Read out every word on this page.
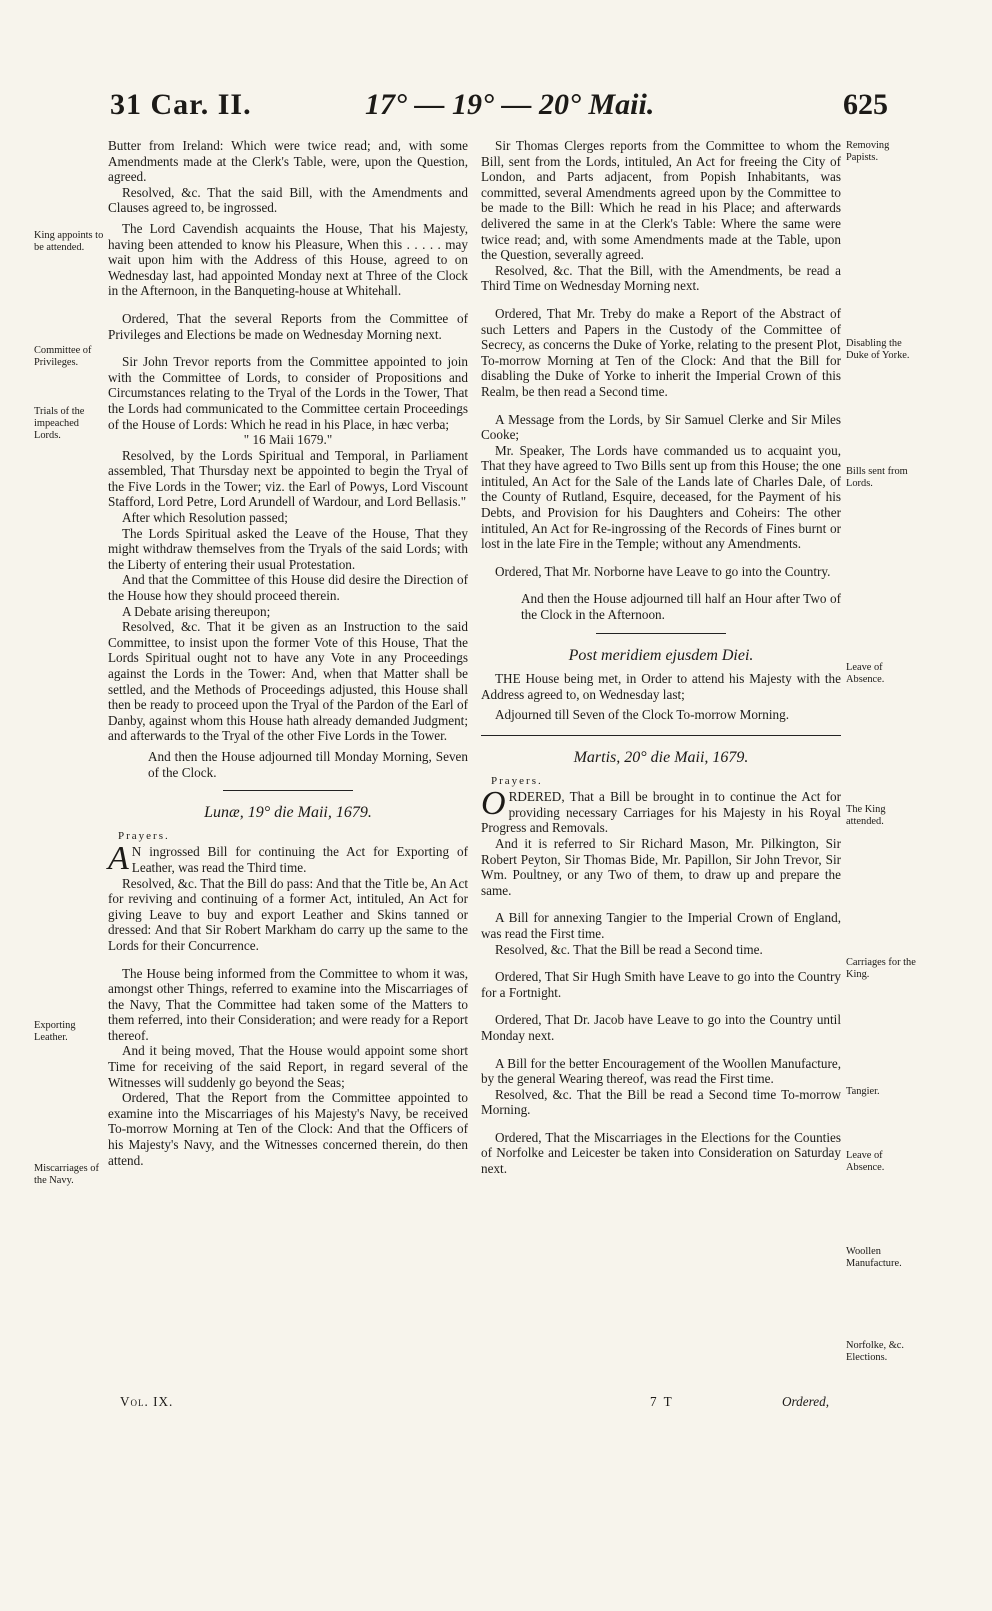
31 Car. II.	17° — 19° — 20° Maii.	625

Butter from Ireland: Which were twice read; and, with some Amendments made at the Clerk's Table, were, upon the Question, agreed.

Resolved, &c. That the said Bill, with the Amendments and Clauses agreed to, be ingrossed.

The Lord Cavendish acquaints the House, That his Majesty, having been attended to know his Pleasure, When this . . . . . may wait upon him with the Address of this House, agreed to on Wednesday last, had appointed Monday next at Three of the Clock in the Afternoon, in the Banqueting-house at Whitehall.

Ordered, That the several Reports from the Committee of Privileges and Elections be made on Wednesday Morning next.

Sir John Trevor reports from the Committee appointed to join with the Committee of Lords, to consider of Propositions and Circumstances relating to the Tryal of the Lords in the Tower, That the Lords had communicated to the Committee certain Proceedings of the House of Lords: Which he read in his Place, in hæc verba;

" 16 Maii 1679."

Resolved, by the Lords Spiritual and Temporal, in Parliament assembled, That Thursday next be appointed to begin the Tryal of the Five Lords in the Tower; viz. the Earl of Powys, Lord Viscount Stafford, Lord Petre, Lord Arundell of Wardour, and Lord Bellasis."

After which Resolution passed;

The Lords Spiritual asked the Leave of the House, That they might withdraw themselves from the Tryals of the said Lords; with the Liberty of entering their usual Protestation.

And that the Committee of this House did desire the Direction of the House how they should proceed therein.

A Debate arising thereupon;

Resolved, &c. That it be given as an Instruction to the said Committee, to insist upon the former Vote of this House, That the Lords Spiritual ought not to have any Vote in any Proceedings against the Lords in the Tower: And, when that Matter shall be settled, and the Methods of Proceedings adjusted, this House shall then be ready to proceed upon the Tryal of the Pardon of the Earl of Danby, against whom this House hath already demanded Judgment; and afterwards to the Tryal of the other Five Lords in the Tower.

And then the House adjourned till Monday Morning, Seven of the Clock.

Lunæ, 19° die Maii, 1679.

Prayers.

A N ingrossed Bill for continuing the Act for Exporting of Leather, was read the Third time.

Resolved, &c. That the Bill do pass: And that the Title be, An Act for reviving and continuing of a former Act, intituled, An Act for giving Leave to buy and export Leather and Skins tanned or dressed: And that Sir Robert Markham do carry up the same to the Lords for their Concurrence.

The House being informed from the Committee to whom it was, amongst other Things, referred to examine into the Miscarriages of the Navy, That the Committee had taken some of the Matters to them referred, into their Consideration; and were ready for a Report thereof.

And it being moved, That the House would appoint some short Time for receiving of the said Report, in regard several of the Witnesses will suddenly go beyond the Seas;

Ordered, That the Report from the Committee appointed to examine into the Miscarriages of his Majesty's Navy, be received To-morrow Morning at Ten of the Clock: And that the Officers of his Majesty's Navy, and the Witnesses concerned therein, do then attend.

Sir Thomas Clerges reports from the Committee to whom the Bill, sent from the Lords, intituled, An Act for freeing the City of London, and Parts adjacent, from Popish Inhabitants, was committed, several Amendments agreed upon by the Committee to be made to the Bill: Which he read in his Place; and afterwards delivered the same in at the Clerk's Table: Where the same were twice read; and, with some Amendments made at the Table, upon the Question, severally agreed.

Resolved, &c. That the Bill, with the Amendments, be read a Third Time on Wednesday Morning next.

Ordered, That Mr. Treby do make a Report of the Abstract of such Letters and Papers in the Custody of the Committee of Secrecy, as concerns the Duke of Yorke, relating to the present Plot, To-morrow Morning at Ten of the Clock: And that the Bill for disabling the Duke of Yorke to inherit the Imperial Crown of this Realm, be then read a Second time.

A Message from the Lords, by Sir Samuel Clerke and Sir Miles Cooke;

Mr. Speaker, The Lords have commanded us to acquaint you, That they have agreed to Two Bills sent up from this House; the one intituled, An Act for the Sale of the Lands late of Charles Dale, of the County of Rutland, Esquire, deceased, for the Payment of his Debts, and Provision for his Daughters and Coheirs: The other intituled, An Act for Re-ingrossing of the Records of Fines burnt or lost in the late Fire in the Temple; without any Amendments.

Ordered, That Mr. Norborne have Leave to go into the Country.

And then the House adjourned till half an Hour after Two of the Clock in the Afternoon.

Post meridiem ejusdem Diei.

THE House being met, in Order to attend his Majesty with the Address agreed to, on Wednesday last;

Adjourned till Seven of the Clock To-morrow Morning.

Martis, 20° die Maii, 1679.

Prayers.

ORDERED, That a Bill be brought in to continue the Act for providing necessary Carriages for his Majesty in his Royal Progress and Removals.

And it is referred to Sir Richard Mason, Mr. Pilkington, Sir Robert Peyton, Sir Thomas Bide, Mr. Papillon, Sir John Trevor, Sir Wm. Poultney, or any Two of them, to draw up and prepare the same.

A Bill for annexing Tangier to the Imperial Crown of England, was read the First time.

Resolved, &c. That the Bill be read a Second time.

Ordered, That Sir Hugh Smith have Leave to go into the Country for a Fortnight.

Ordered, That Dr. Jacob have Leave to go into the Country until Monday next.

A Bill for the better Encouragement of the Woollen Manufacture, by the general Wearing thereof, was read the First time.

Resolved, &c. That the Bill be read a Second time To-morrow Morning.

Ordered, That the Miscarriages in the Elections for the Counties of Norfolke and Leicester be taken into Consideration on Saturday next.

King appoints to be attended.
Committee of Privileges.
Trials of the impeached Lords.
Exporting Leather.
Miscarriages of the Navy.
Removing Papists.
Disabling the Duke of Yorke.
Bills sent from Lords.
Leave of Absence.
The King attended.
Carriages for the King.
Tangier.
Leave of Absence.
Woollen Manufacture.
Norfolke, &c. Elections.
Vol. IX.	7 T	Ordered,
